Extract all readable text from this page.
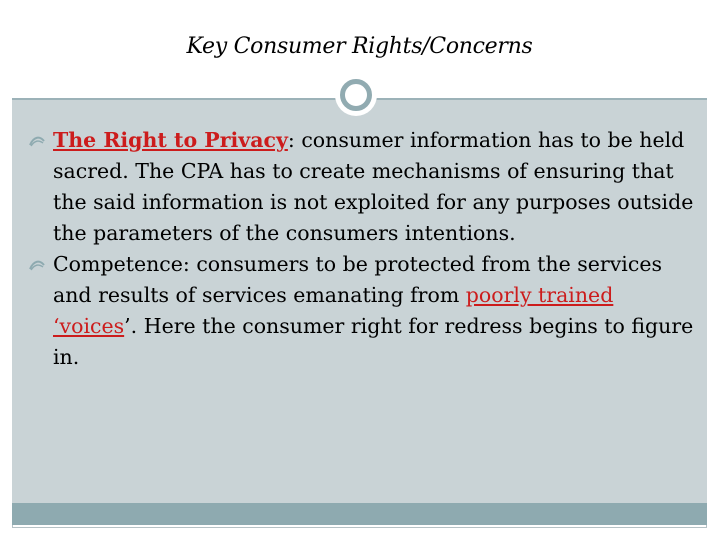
Key Consumer Rights/Concerns

The Right to Privacy: consumer information has to be held sacred. The CPA has to create mechanisms of ensuring that the said information is not exploited for any purposes outside the parameters of the consumers intentions.

Competence: consumers to be protected from the services and results of services emanating from poorly trained ‘voices’. Here the consumer right for redress begins to figure in.
